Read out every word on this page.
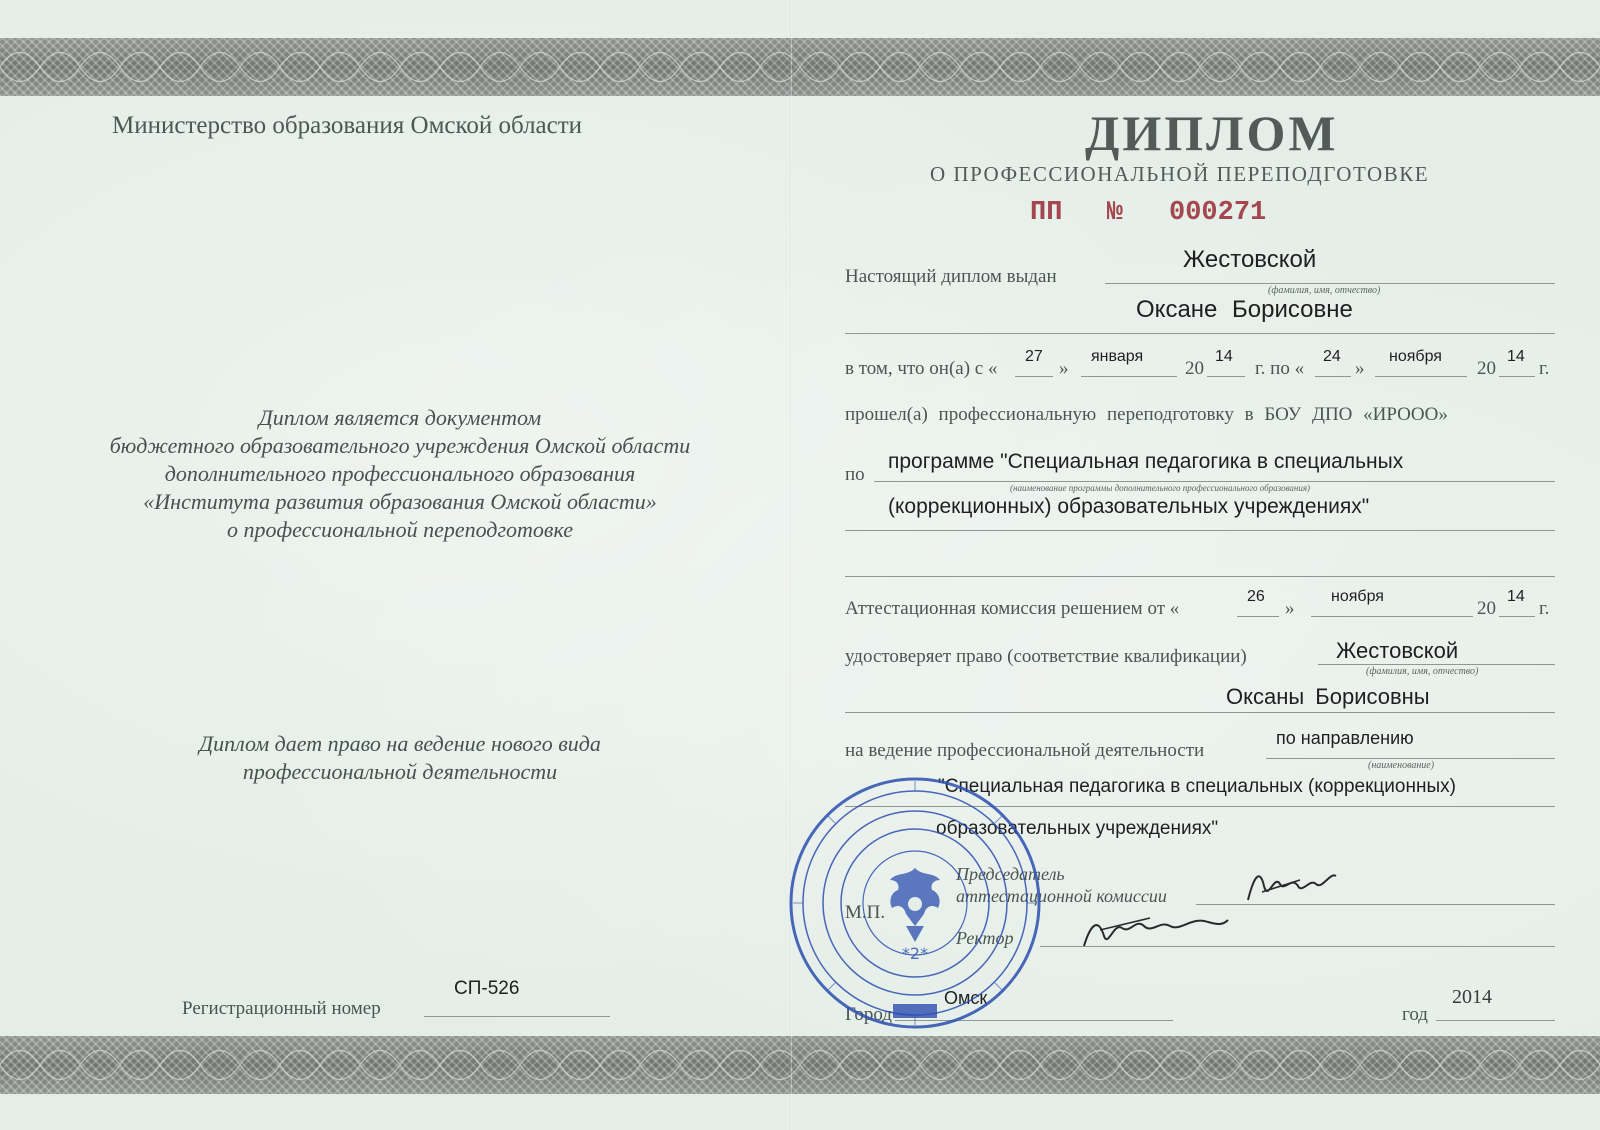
Министерство образования Омской области
Диплом является документом
бюджетного образовательного учреждения Омской области
дополнительного профессионального образования
«Института развития образования Омской области»
о профессиональной переподготовке
Диплом дает право на ведение нового вида
профессиональной деятельности
Регистрационный номер
СП-526
ДИПЛОМ
О ПРОФЕССИОНАЛЬНОЙ ПЕРЕПОДГОТОВКЕ
ПП № 000271
Настоящий диплом выдан
Жестовской
(фамилия, имя, отчество)
Оксане Борисовне
в том, что он(а) с «
27
»
января
20
14
г. по «
24
»
ноября
20
14
г.
прошел(а) профессиональную переподготовку в БОУ ДПО «ИРООО»
по
программе "Специальная педагогика в специальных
(наименование программы дополнительного профессионального образования)
(коррекционных) образовательных учреждениях"
Аттестационная комиссия решением от «
26
»
ноября
20
14
г.
удостоверяет право (соответствие квалификации)	Жестовской
(фамилия, имя, отчество)
Оксаны Борисовны
на ведение профессиональной деятельности
по направлению
(наименование)
"Специальная педагогика в специальных (коррекционных)
образовательных учреждениях"
Председатель
аттестационной комиссии
М.П.
Ректор
Город
Омск
год
2014
*2*
